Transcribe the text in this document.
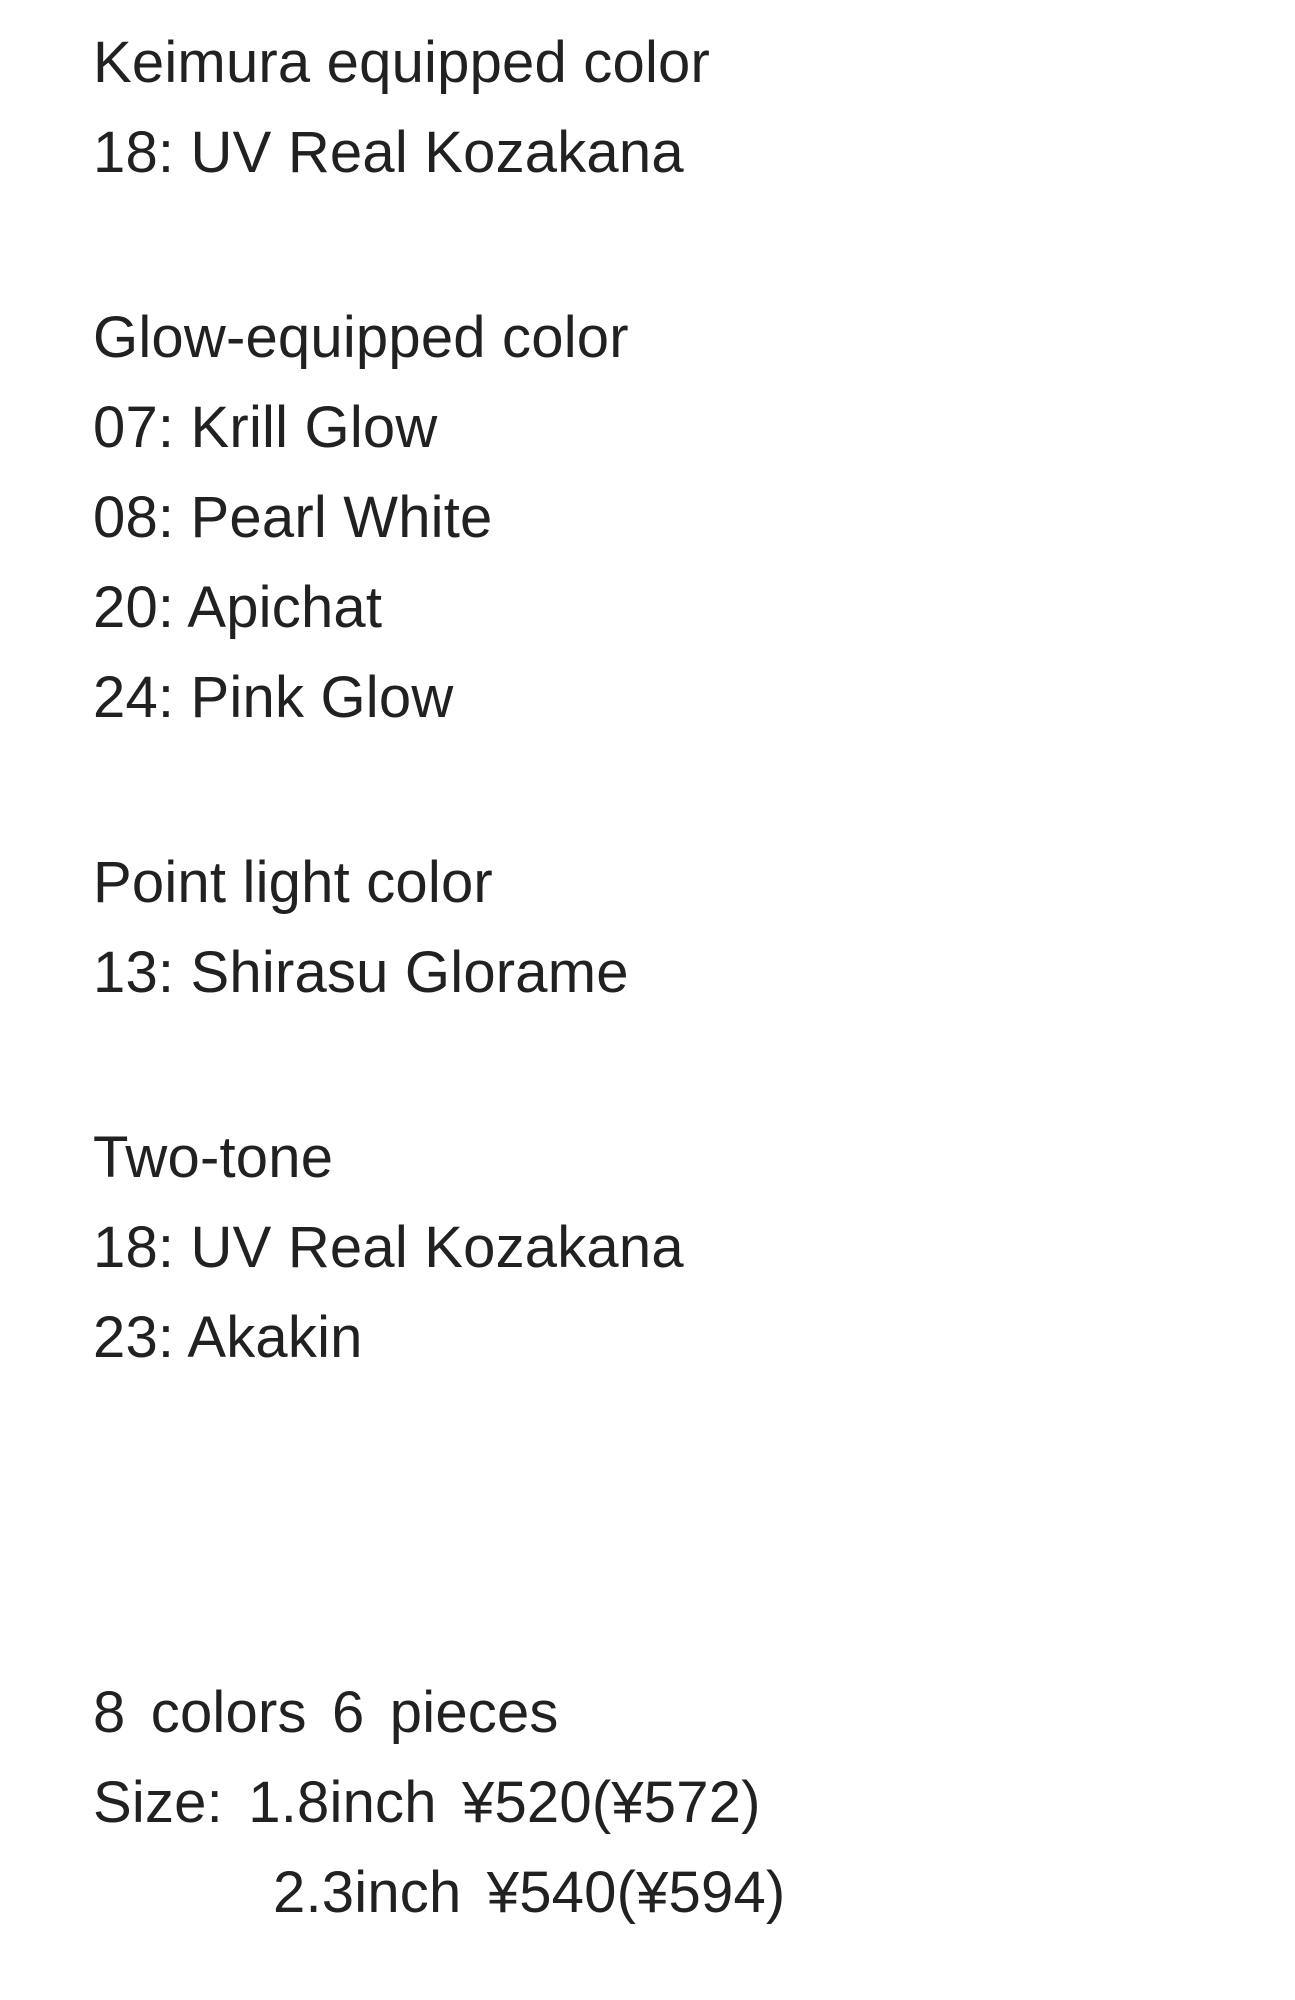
Keimura equipped color
18: UV Real Kozakana
Glow-equipped color
07: Krill Glow
08: Pearl White
20: Apichat
24: Pink Glow
Point light color
13: Shirasu Glorame
Two-tone
18: UV Real Kozakana
23: Akakin
8 colors 6 pieces
Size: 1.8inch ¥520(¥572)
2.3inch ¥540(¥594)
